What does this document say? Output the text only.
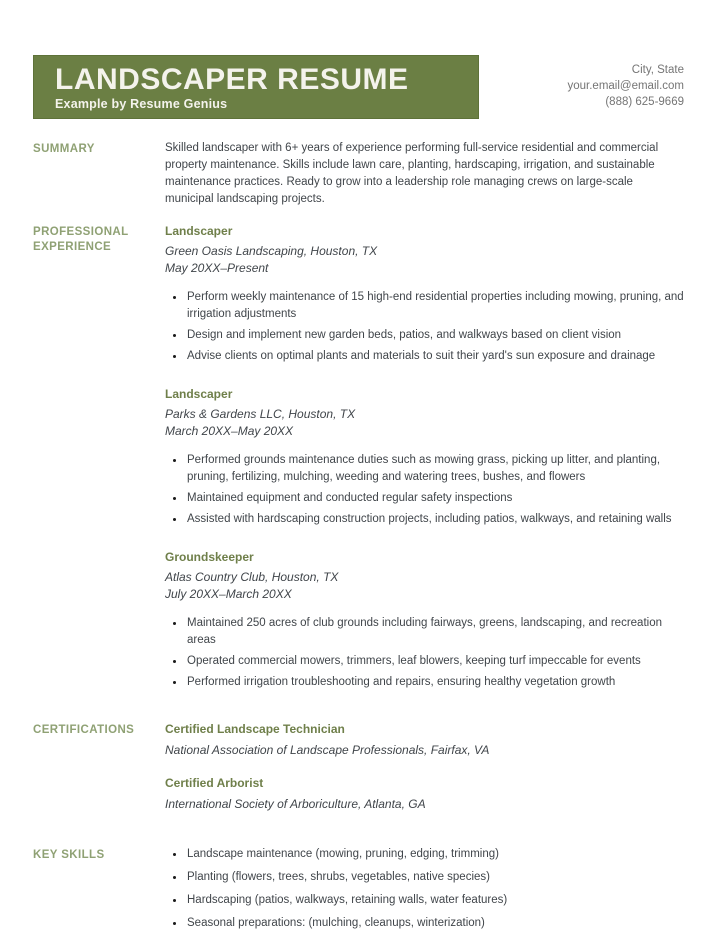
LANDSCAPER RESUME
Example by Resume Genius
City, State
your.email@email.com
(888) 625-9669
SUMMARY	Skilled landscaper with 6+ years of experience performing full-service residential and commercial property maintenance. Skills include lawn care, planting, hardscaping, irrigation, and sustainable maintenance practices. Ready to grow into a leadership role managing crews on large-scale municipal landscaping projects.

PROFESSIONAL EXPERIENCE
Landscaper
Green Oasis Landscaping, Houston, TX
May 20XX–Present
• Perform weekly maintenance of 15 high-end residential properties including mowing, pruning, and irrigation adjustments
• Design and implement new garden beds, patios, and walkways based on client vision
• Advise clients on optimal plants and materials to suit their yard's sun exposure and drainage
Landscaper
Parks & Gardens LLC, Houston, TX
March 20XX–May 20XX
• Performed grounds maintenance duties such as mowing grass, picking up litter, and planting, pruning, fertilizing, mulching, weeding and watering trees, bushes, and flowers
• Maintained equipment and conducted regular safety inspections
• Assisted with hardscaping construction projects, including patios, walkways, and retaining walls
Groundskeeper
Atlas Country Club, Houston, TX
July 20XX–March 20XX
• Maintained 250 acres of club grounds including fairways, greens, landscaping, and recreation areas
• Operated commercial mowers, trimmers, leaf blowers, keeping turf impeccable for events
• Performed irrigation troubleshooting and repairs, ensuring healthy vegetation growth
CERTIFICATIONS	Certified Landscape Technician
National Association of Landscape Professionals, Fairfax, VA
Certified Arborist
International Society of Arboriculture, Atlanta, GA
KEY SKILLS	• Landscape maintenance (mowing, pruning, edging, trimming)
• Planting (flowers, trees, shrubs, vegetables, native species)
• Hardscaping (patios, walkways, retaining walls, water features)
• Seasonal preparations: (mulching, cleanups, winterization)
